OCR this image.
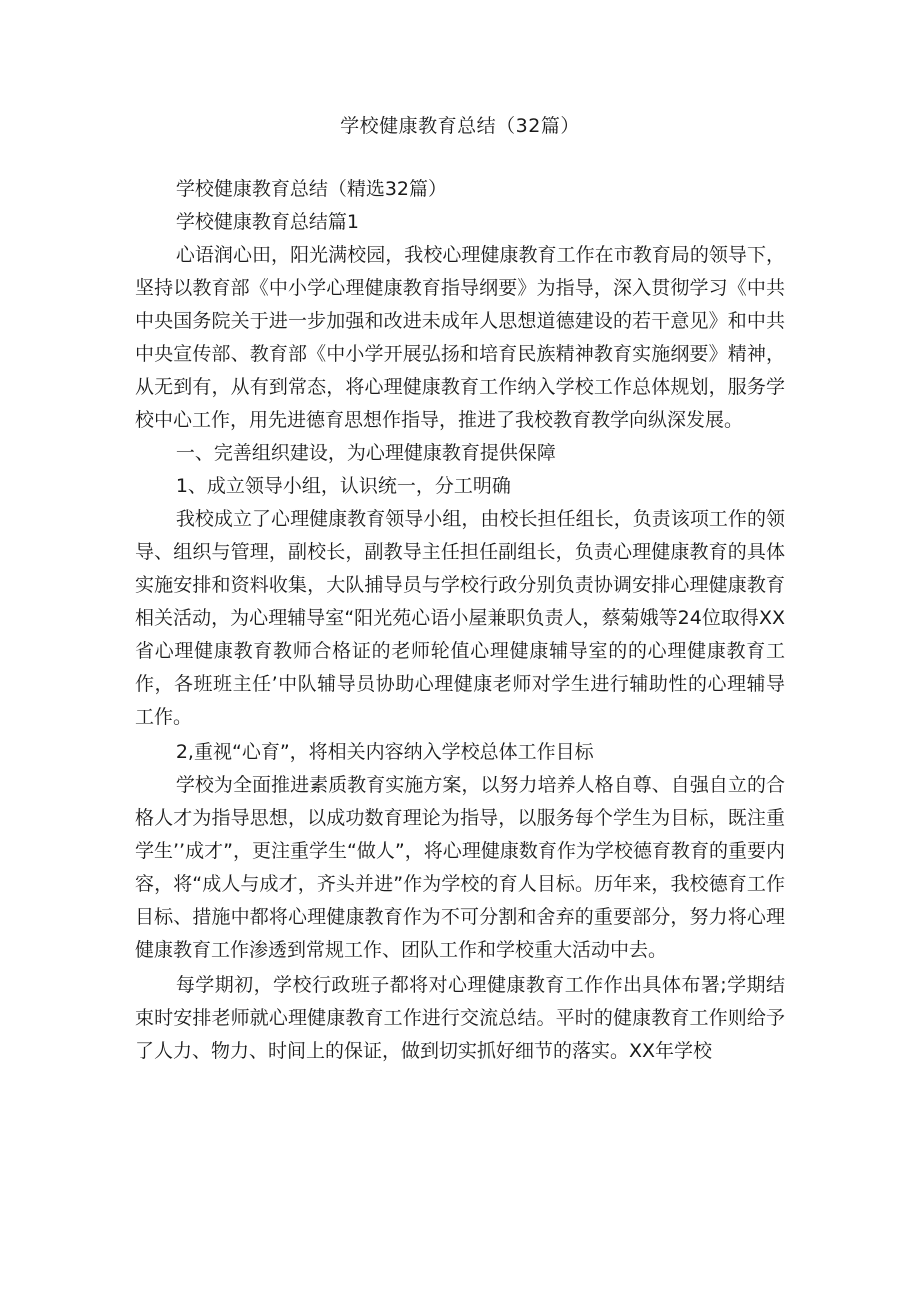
学校健康教育总结（32篇）

学校健康教育总结（精选32篇）

学校健康教育总结篇1

心语润心田，阳光满校园，我校心理健康教育工作在市教育局的领导下，坚持以教育部《中小学心理健康教育指导纲要》为指导，深入贯彻学习《中共中央国务院关于进一步加强和改进未成年人思想道德建设的若干意见》和中共中央宣传部、教育部《中小学开展弘扬和培育民族精神教育实施纲要》精神，从无到有，从有到常态，将心理健康教育工作纳入学校工作总体规划，服务学校中心工作，用先进德育思想作指导，推进了我校教育教学向纵深发展。

一、完善组织建设，为心理健康教育提供保障

1、成立领导小组，认识统一，分工明确

我校成立了心理健康教育领导小组，由校长担任组长，负责该项工作的领导、组织与管理，副校长，副教导主任担任副组长，负责心理健康教育的具体实施安排和资料收集，大队捕导员与学校行政分别负责协调安排心理健康教育相关活动，为心理辅导室“阳光苑心语小屋兼职负责人，蔡菊娥等24位取得XX省心理健康教育教师合格证的老师轮值心理健康辅导室的的心理健康教育工作，各班班主任’中队辅导员协助心理健康老师对学生进行辅助性的心理辅导工作。

2,重视“心育”，将相关内容纳入学校总体工作目标

学校为全面推进素质教育实施方案，以努力培养人格自尊、自强自立的合格人才为指导思想，以成功数育理论为指导，以服务每个学生为目标，既注重学生’’成才”，更注重学生“做人”，将心理健康数育作为学校德育教育的重要内容，将“成人与成才，齐头并进”作为学校的育人目标。历年来，我校德育工作目标、措施中都将心理健康教育作为不可分割和舍弃的重要部分，努力将心理健康教育工作渗透到常规工作、团队工作和学校重大活动中去。

每学期初，学校行政班子都将对心理健康教育工作作出具体布署;学期结束时安排老师就心理健康教育工作进行交流总结。平时的健康教育工作则给予了人力、物力、时间上的保证，做到切实抓好细节的落实。XX年学校
